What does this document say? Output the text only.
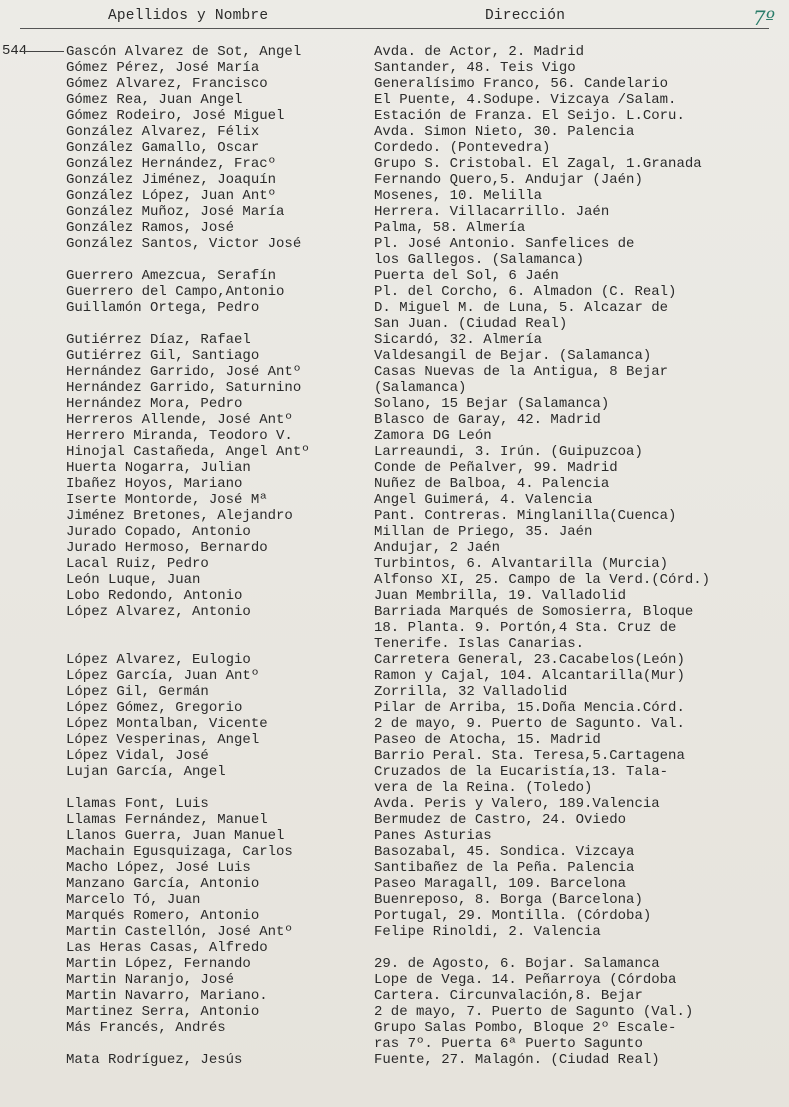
Apellidos y Nombre	Dirección	7º
544	Gascón Alvarez de Sot, Angel	Avda. de Actor, 2. Madrid
Gómez Pérez, José María	Santander, 48. Teis Vigo
Gómez Alvarez, Francisco	Generalísimo Franco, 56. Candelario
Gómez Rea, Juan Angel	El Puente, 4.Sodupe. Vizcaya /Salam.
Gómez Rodeiro, José Miguel	Estación de Franza. El Seijo. L.Coru.
González Alvarez, Félix	Avda. Simon Nieto, 30. Palencia
González Gamallo, Oscar	Cordedo. (Pontevedra)
González Hernández, Fracº	Grupo S. Cristobal. El Zagal, 1.Granada
González Jiménez, Joaquín	Fernando Quero,5. Andujar (Jaén)
González López, Juan Antº	Mosenes, 10. Melilla
González Muñoz, José María	Herrera. Villacarrillo. Jaén
González Ramos, José	Palma, 58. Almería
González Santos, Victor José	Pl. José Antonio. Sanfelices de
los Gallegos. (Salamanca)
Guerrero Amezcua, Serafín	Puerta del Sol, 6 Jaén
Guerrero del Campo,Antonio	Pl. del Corcho, 6. Almadon (C. Real)
Guillamón Ortega, Pedro	D. Miguel M. de Luna, 5. Alcazar de
San Juan. (Ciudad Real)
Gutiérrez Díaz, Rafael	Sicardó, 32. Almería
Gutiérrez Gil, Santiago	Valdesangil de Bejar. (Salamanca)
Hernández Garrido, José Antº	Casas Nuevas de la Antigua, 8 Bejar
Hernández Garrido, Saturnino	(Salamanca)
Hernández Mora, Pedro	Solano, 15 Bejar (Salamanca)
Herreros Allende, José Antº	Blasco de Garay, 42. Madrid
Herrero Miranda, Teodoro V.	Zamora DG León
Hinojal Castañeda, Angel Antº	Larreaundi, 3. Irún. (Guipuzcoa)
Huerta Nogarra, Julian	Conde de Peñalver, 99. Madrid
Ibañez Hoyos, Mariano	Nuñez de Balboa, 4. Palencia
Iserte Montorde, José Mª	Angel Guimerá, 4. Valencia
Jiménez Bretones, Alejandro	Pant. Contreras. Minglanilla(Cuenca)
Jurado Copado, Antonio	Millan de Priego, 35. Jaén
Jurado Hermoso, Bernardo	Andujar, 2 Jaén
Lacal Ruiz, Pedro	Turbintos, 6. Alvantarilla (Murcia)
León Luque, Juan	Alfonso XI, 25. Campo de la Verd.(Córd.)
Lobo Redondo, Antonio	Juan Membrilla, 19. Valladolid
López Alvarez, Antonio	Barriada Marqués de Somosierra, Bloque
18. Planta. 9. Portón,4 Sta. Cruz de
Tenerife. Islas Canarias.
López Alvarez, Eulogio	Carretera General, 23.Cacabelos(León)
López García, Juan Antº	Ramon y Cajal, 104. Alcantarilla(Mur)
López Gil, Germán	Zorrilla, 32 Valladolid
López Gómez, Gregorio	Pilar de Arriba, 15.Doña Mencia.Córd.
López Montalban, Vicente	2 de mayo, 9. Puerto de Sagunto. Val.
López Vesperinas, Angel	Paseo de Atocha, 15. Madrid
López Vidal, José	Barrio Peral. Sta. Teresa,5.Cartagena
Lujan García, Angel	Cruzados de la Eucaristía,13. Tala-
vera de la Reina. (Toledo)
Llamas Font, Luis	Avda. Peris y Valero, 189.Valencia
Llamas Fernández, Manuel	Bermudez de Castro, 24. Oviedo
Llanos Guerra, Juan Manuel	Panes Asturias
Machain Egusquizaga, Carlos	Basozabal, 45. Sondica. Vizcaya
Macho López, José Luis	Santibañez de la Peña. Palencia
Manzano García, Antonio	Paseo Maragall, 109. Barcelona
Marcelo Tó, Juan	Buenreposo, 8. Borga (Barcelona)
Marqués Romero, Antonio	Portugal, 29. Montilla. (Córdoba)
Martin Castellón, José Antº	Felipe Rinoldi, 2. Valencia
Las Heras Casas, Alfredo
Martin López, Fernando	29. de Agosto, 6. Bojar. Salamanca
Martin Naranjo, José	Lope de Vega. 14. Peñarroya (Córdoba
Martin Navarro, Mariano.	Cartera. Circunvalación,8. Bejar
Martinez Serra, Antonio	2 de mayo, 7. Puerto de Sagunto (Val.)
Más Francés, Andrés	Grupo Salas Pombo, Bloque 2º Escale-
ras 7º. Puerta 6ª Puerto Sagunto
Mata Rodríguez, Jesús	Fuente, 27. Malagón. (Ciudad Real)
